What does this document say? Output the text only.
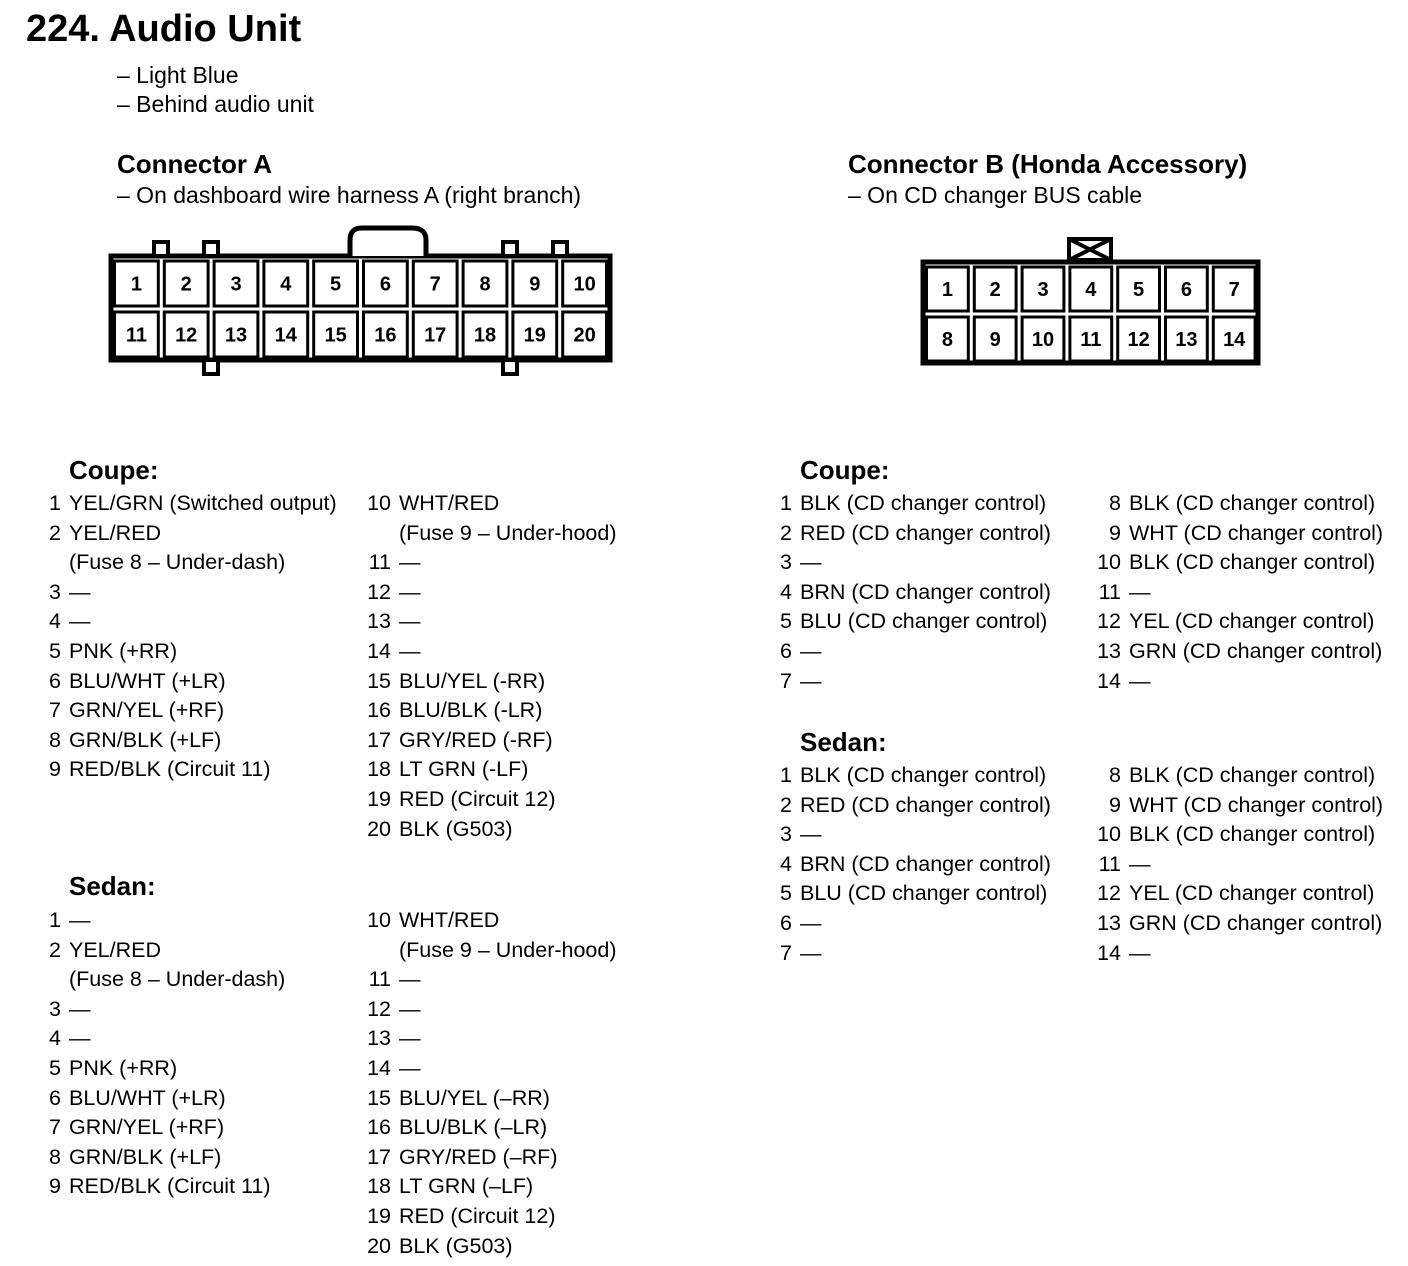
224. Audio Unit
– Light Blue
– Behind audio unit
Connector A
– On dashboard wire harness A (right branch)
Connector B (Honda Accessory)
– On CD changer BUS cable
1 2 3 4 5 6 7 8 9 10
11 12 13 14 15 16 17 18 19 20
1 2 3 4 5 6 7
8 9 10 11 12 13 14
Coupe:
1 YEL/GRN (Switched output)
2 YEL/RED
(Fuse 8 – Under-dash)
3 —
4 —
5 PNK (+RR)
6 BLU/WHT (+LR)
7 GRN/YEL (+RF)
8 GRN/BLK (+LF)
9 RED/BLK (Circuit 11)
10 WHT/RED
(Fuse 9 – Under-hood)
11 —
12 —
13 —
14 —
15 BLU/YEL (-RR)
16 BLU/BLK (-LR)
17 GRY/RED (-RF)
18 LT GRN (-LF)
19 RED (Circuit 12)
20 BLK (G503)
Sedan:
1 —
2 YEL/RED
(Fuse 8 – Under-dash)
3 —
4 —
5 PNK (+RR)
6 BLU/WHT (+LR)
7 GRN/YEL (+RF)
8 GRN/BLK (+LF)
9 RED/BLK (Circuit 11)
10 WHT/RED
(Fuse 9 – Under-hood)
11 —
12 —
13 —
14 —
15 BLU/YEL (–RR)
16 BLU/BLK (–LR)
17 GRY/RED (–RF)
18 LT GRN (–LF)
19 RED (Circuit 12)
20 BLK (G503)
Coupe:
1 BLK (CD changer control)
2 RED (CD changer control)
3 —
4 BRN (CD changer control)
5 BLU (CD changer control)
6 —
7 —
8 BLK (CD changer control)
9 WHT (CD changer control)
10 BLK (CD changer control)
11 —
12 YEL (CD changer control)
13 GRN (CD changer control)
14 —
Sedan:
1 BLK (CD changer control)
2 RED (CD changer control)
3 —
4 BRN (CD changer control)
5 BLU (CD changer control)
6 —
7 —
8 BLK (CD changer control)
9 WHT (CD changer control)
10 BLK (CD changer control)
11 —
12 YEL (CD changer control)
13 GRN (CD changer control)
14 —
